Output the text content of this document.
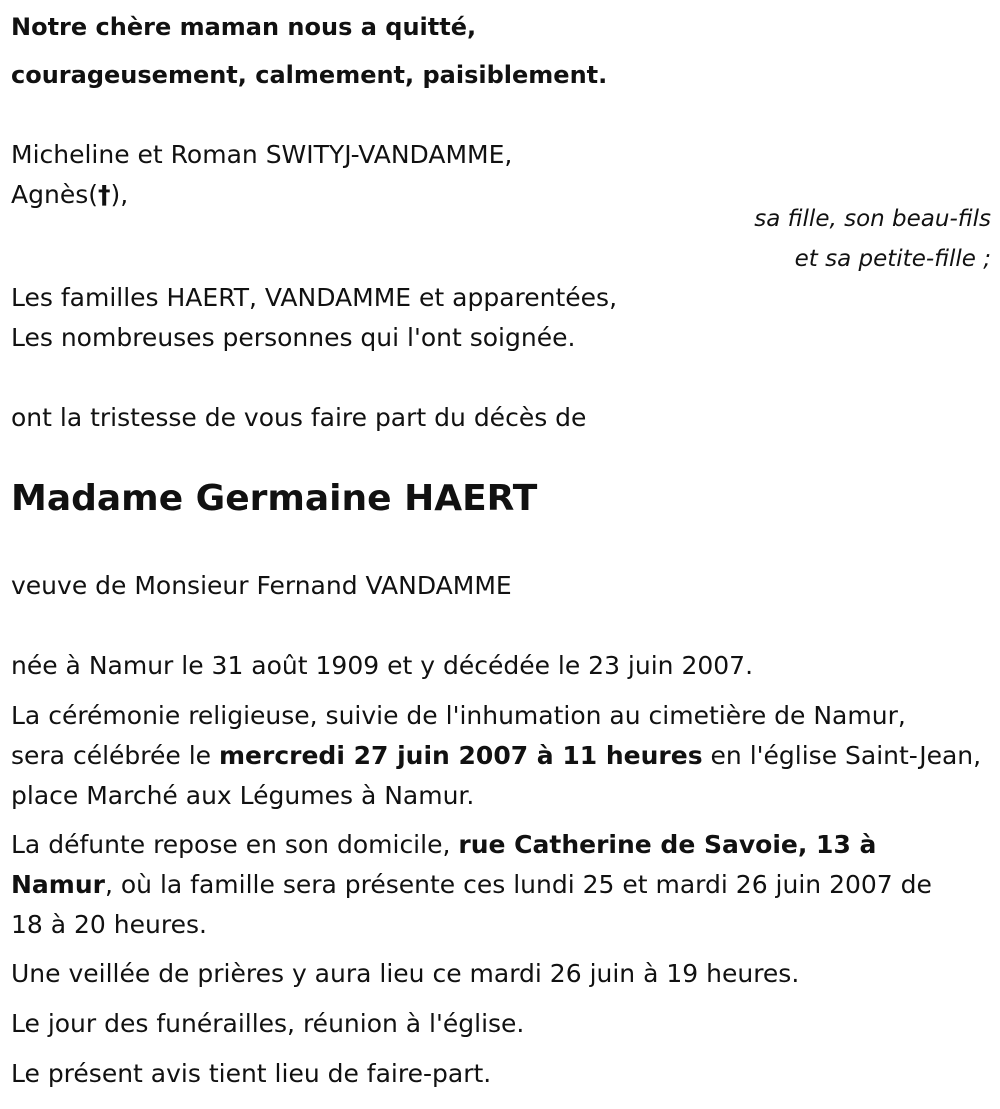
Notre chère maman nous a quitté,
courageusement, calmement, paisiblement.
Micheline et Roman SWITYJ-VANDAMME,
Agnès(†),
sa fille, son beau-fils
et sa petite-fille ;
Les familles HAERT, VANDAMME et apparentées,
Les nombreuses personnes qui l'ont soignée.
ont la tristesse de vous faire part du décès de
Madame Germaine HAERT
veuve de Monsieur Fernand VANDAMME
née à Namur le 31 août 1909 et y décédée le 23 juin 2007.
La cérémonie religieuse, suivie de l'inhumation au cimetière de Namur,
sera célébrée le mercredi 27 juin 2007 à 11 heures en l'église Saint-Jean,
place Marché aux Légumes à Namur.
La défunte repose en son domicile, rue Catherine de Savoie, 13 à
Namur, où la famille sera présente ces lundi 25 et mardi 26 juin 2007 de
18 à 20 heures.
Une veillée de prières y aura lieu ce mardi 26 juin à 19 heures.
Le jour des funérailles, réunion à l'église.
Le présent avis tient lieu de faire-part.
